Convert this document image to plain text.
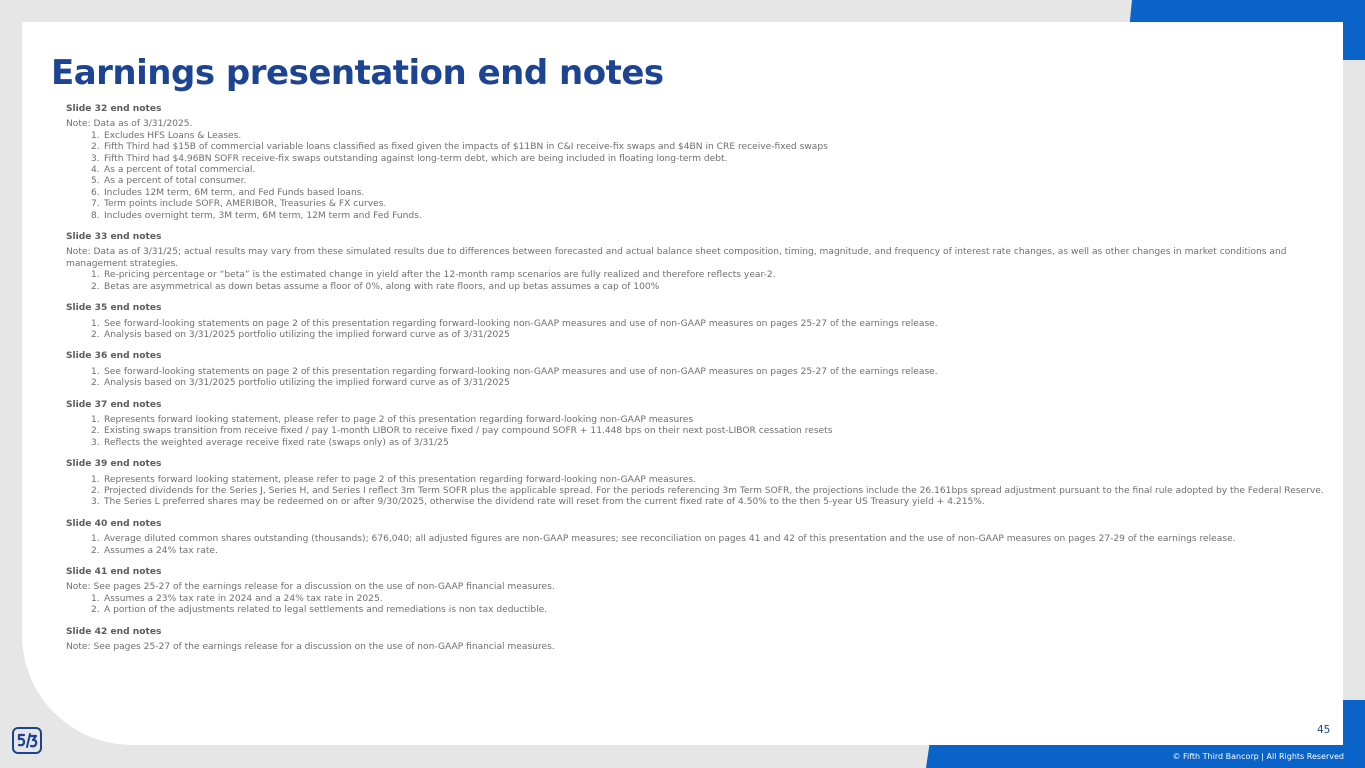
Earnings presentation end notes
Slide 32 end notes
Note: Data as of 3/31/2025.
1. Excludes HFS Loans & Leases.
2. Fifth Third had $15B of commercial variable loans classified as fixed given the impacts of $11BN in C&I receive-fix swaps and $4BN in CRE receive-fixed swaps
3. Fifth Third had $4.96BN SOFR receive-fix swaps outstanding against long-term debt, which are being included in floating long-term debt.
4. As a percent of total commercial.
5. As a percent of total consumer.
6. Includes 12M term, 6M term, and Fed Funds based loans.
7. Term points include SOFR, AMERIBOR, Treasuries & FX curves.
8. Includes overnight term, 3M term, 6M term, 12M term and Fed Funds.
Slide 33 end notes
Note: Data as of 3/31/25; actual results may vary from these simulated results due to differences between forecasted and actual balance sheet composition, timing, magnitude, and frequency of interest rate changes, as well as other changes in market conditions and management strategies.
1. Re-pricing percentage or “beta” is the estimated change in yield after the 12-month ramp scenarios are fully realized and therefore reflects year-2.
2. Betas are asymmetrical as down betas assume a floor of 0%, along with rate floors, and up betas assumes a cap of 100%
Slide 35 end notes
1. See forward-looking statements on page 2 of this presentation regarding forward-looking non-GAAP measures and use of non-GAAP measures on pages 25-27 of the earnings release.
2. Analysis based on 3/31/2025 portfolio utilizing the implied forward curve as of 3/31/2025
Slide 36 end notes
1. See forward-looking statements on page 2 of this presentation regarding forward-looking non-GAAP measures and use of non-GAAP measures on pages 25-27 of the earnings release.
2. Analysis based on 3/31/2025 portfolio utilizing the implied forward curve as of 3/31/2025
Slide 37 end notes
1. Represents forward looking statement, please refer to page 2 of this presentation regarding forward-looking non-GAAP measures
2. Existing swaps transition from receive fixed / pay 1-month LIBOR to receive fixed / pay compound SOFR + 11.448 bps on their next post-LIBOR cessation resets
3. Reflects the weighted average receive fixed rate (swaps only) as of 3/31/25
Slide 39 end notes
1. Represents forward looking statement, please refer to page 2 of this presentation regarding forward-looking non-GAAP measures.
2. Projected dividends for the Series J, Series H, and Series I reflect 3m Term SOFR plus the applicable spread. For the periods referencing 3m Term SOFR, the projections include the 26.161bps spread adjustment pursuant to the final rule adopted by the Federal Reserve.
3. The Series L preferred shares may be redeemed on or after 9/30/2025, otherwise the dividend rate will reset from the current fixed rate of 4.50% to the then 5-year US Treasury yield + 4.215%.
Slide 40 end notes
1. Average diluted common shares outstanding (thousands); 676,040; all adjusted figures are non-GAAP measures; see reconciliation on pages 41 and 42 of this presentation and the use of non-GAAP measures on pages 27-29 of the earnings release.
2. Assumes a 24% tax rate.
Slide 41 end notes
Note: See pages 25-27 of the earnings release for a discussion on the use of non-GAAP financial measures.
1. Assumes a 23% tax rate in 2024 and a 24% tax rate in 2025.
2. A portion of the adjustments related to legal settlements and remediations is non tax deductible.
Slide 42 end notes
Note: See pages 25-27 of the earnings release for a discussion on the use of non-GAAP financial measures.
45
© Fifth Third Bancorp | All Rights Reserved
